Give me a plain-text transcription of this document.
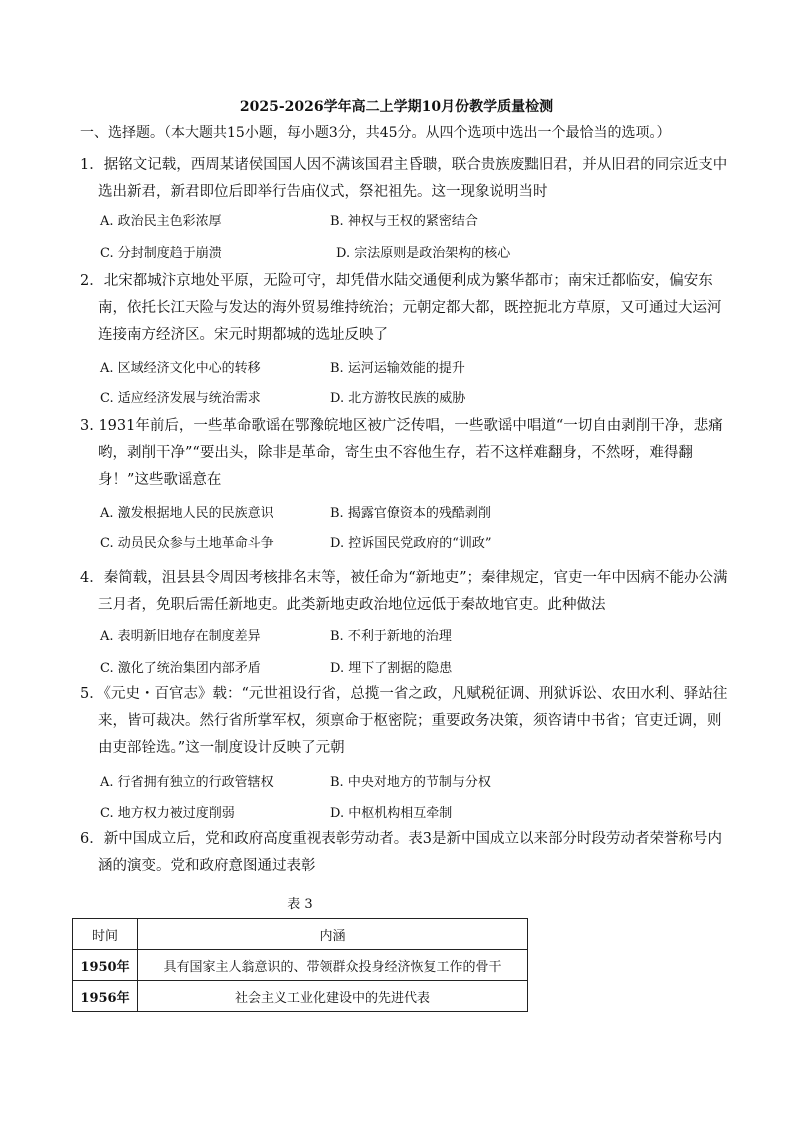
2025-2026学年高二上学期10月份教学质量检测
一、选择题。（本大题共15小题，每小题3分，共45分。从四个选项中选出一个最恰当的选项。）
1．据铭文记载，西周某诸侯国国人因不满该国君主昏聩，联合贵族废黜旧君，并从旧君的同宗近支中选出新君，新君即位后即举行告庙仪式，祭祀祖先。这一现象说明当时
A. 政治民主色彩浓厚	B. 神权与王权的紧密结合
C. 分封制度趋于崩溃	D. 宗法原则是政治架构的核心
2．北宋都城汴京地处平原，无险可守，却凭借水陆交通便利成为繁华都市；南宋迁都临安，偏安东南，依托长江天险与发达的海外贸易维持统治；元朝定都大都，既控扼北方草原，又可通过大运河连接南方经济区。宋元时期都城的选址反映了
A. 区域经济文化中心的转移	B. 运河运输效能的提升
C. 适应经济发展与统治需求	D. 北方游牧民族的威胁
3. 1931年前后，一些革命歌谣在鄂豫皖地区被广泛传唱，一些歌谣中唱道“一切自由剥削干净，悲痛哟，剥削干净”“要出头，除非是革命，寄生虫不容他生存，若不这样难翻身，不然呀，难得翻身！”这些歌谣意在
A. 激发根据地人民的民族意识	B. 揭露官僚资本的残酷剥削
C. 动员民众参与土地革命斗争	D. 控诉国民党政府的“训政”
4．秦简载，沮县县令周因考核排名末等，被任命为“新地吏”；秦律规定，官吏一年中因病不能办公满三月者，免职后需任新地吏。此类新地吏政治地位远低于秦故地官吏。此种做法
A. 表明新旧地存在制度差异	B. 不利于新地的治理
C. 激化了统治集团内部矛盾	D. 埋下了割据的隐患
5．《元史・百官志》载：“元世祖设行省，总揽一省之政，凡赋税征调、刑狱诉讼、农田水利、驿站往来，皆可裁决。然行省所掌军权，须禀命于枢密院；重要政务决策，须咨请中书省；官吏迁调，则由吏部铨选。”这一制度设计反映了元朝
A. 行省拥有独立的行政管辖权	B. 中央对地方的节制与分权
C. 地方权力被过度削弱	D. 中枢机构相互牵制
6．新中国成立后，党和政府高度重视表彰劳动者。表3是新中国成立以来部分时段劳动者荣誉称号内涵的演变。党和政府意图通过表彰
表 3
时间	内涵
1950年	具有国家主人翁意识的、带领群众投身经济恢复工作的骨干
1956年	社会主义工业化建设中的先进代表
